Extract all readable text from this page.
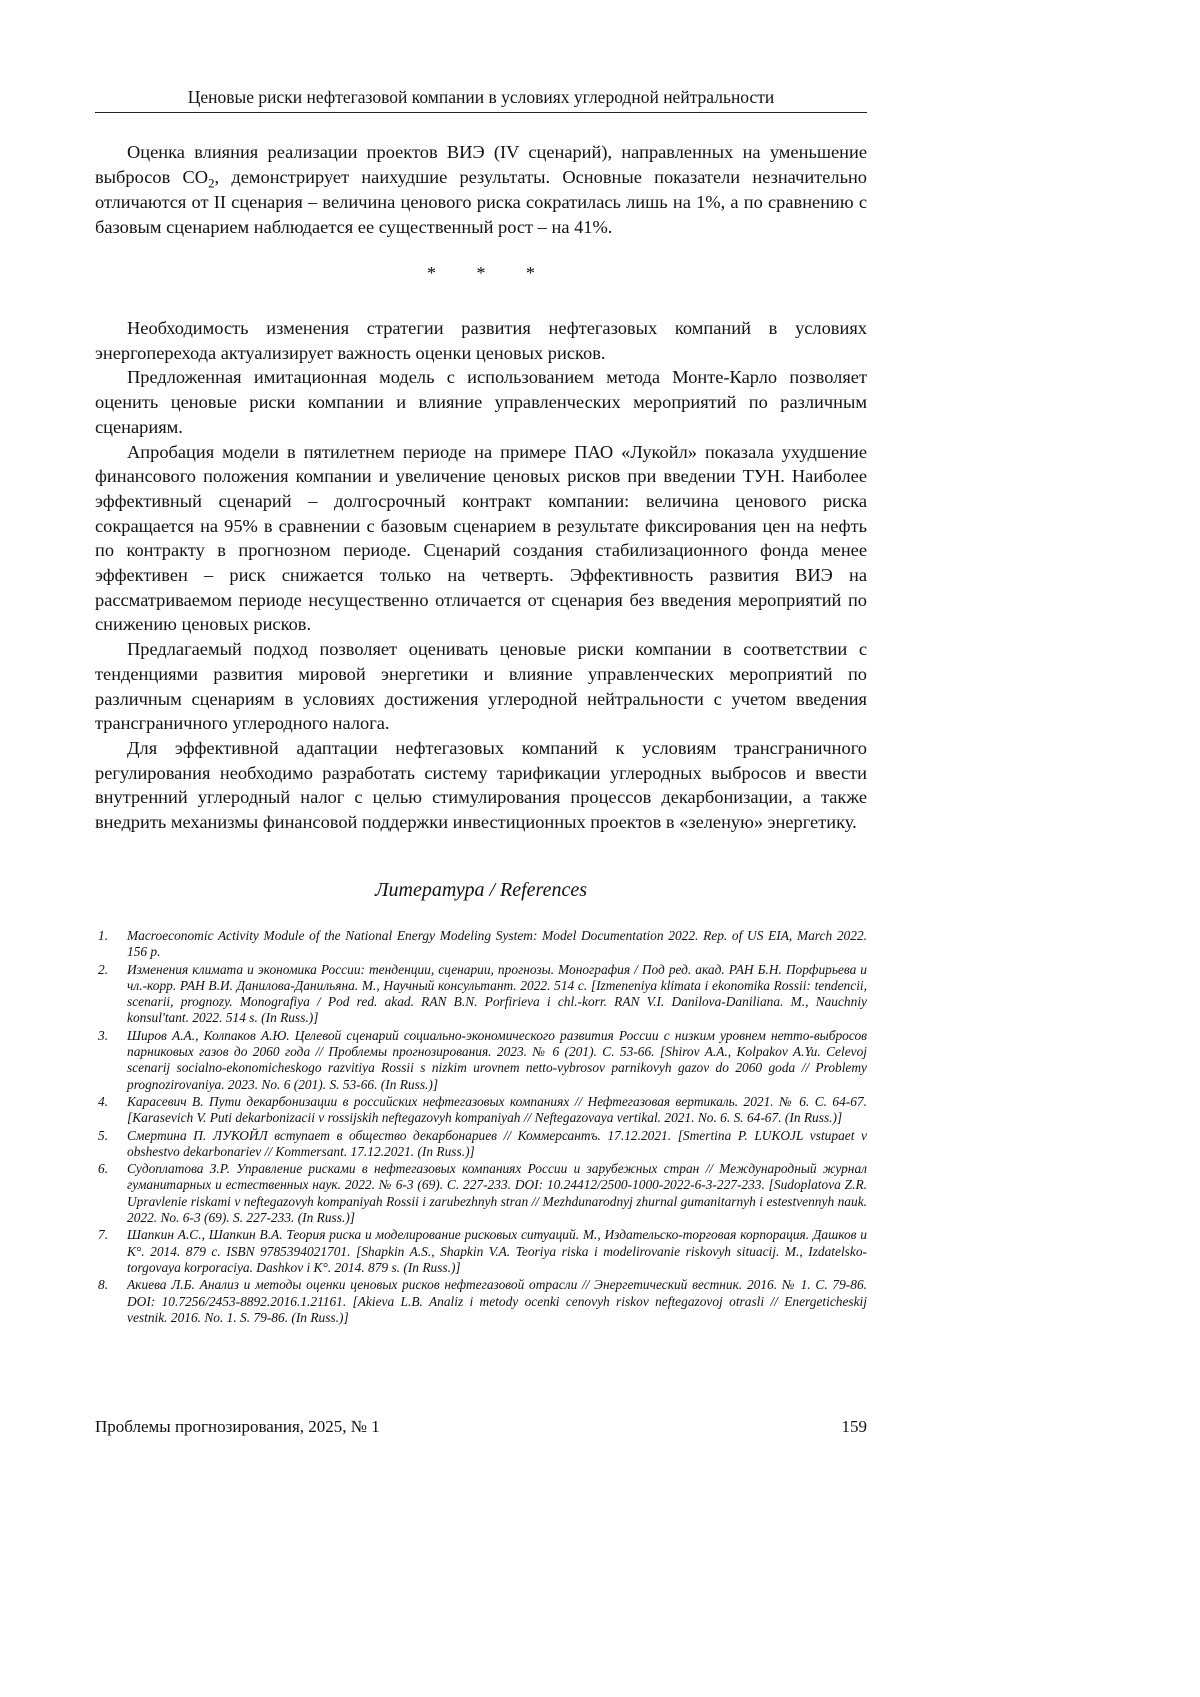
Ценовые риски нефтегазовой компании в условиях углеродной нейтральности

Оценка влияния реализации проектов ВИЭ (IV сценарий), направленных на уменьшение выбросов $CO_2$, демонстрирует наихудшие результаты. Основные показатели незначительно отличаются от II сценария – величина ценового риска сократилась лишь на 1%, а по сравнению с базовым сценарием наблюдается ее существенный рост – на 41%.

* * *

Необходимость изменения стратегии развития нефтегазовых компаний в условиях энергоперехода актуализирует важность оценки ценовых рисков.

Предложенная имитационная модель с использованием метода Монте-Карло позволяет оценить ценовые риски компании и влияние управленческих мероприятий по различным сценариям.

Апробация модели в пятилетнем периоде на примере ПАО «Лукойл» показала ухудшение финансового положения компании и увеличение ценовых рисков при введении ТУН. Наиболее эффективный сценарий – долгосрочный контракт компании: величина ценового риска сокращается на 95% в сравнении с базовым сценарием в результате фиксирования цен на нефть по контракту в прогнозном периоде. Сценарий создания стабилизационного фонда менее эффективен – риск снижается только на четверть. Эффективность развития ВИЭ на рассматриваемом периоде несущественно отличается от сценария без введения мероприятий по снижению ценовых рисков.

Предлагаемый подход позволяет оценивать ценовые риски компании в соответствии с тенденциями развития мировой энергетики и влияние управленческих мероприятий по различным сценариям в условиях достижения углеродной нейтральности с учетом введения трансграничного углеродного налога.

Для эффективной адаптации нефтегазовых компаний к условиям трансграничного регулирования необходимо разработать систему тарификации углеродных выбросов и ввести внутренний углеродный налог с целью стимулирования процессов декарбонизации, а также внедрить механизмы финансовой поддержки инвестиционных проектов в «зеленую» энергетику.

Литература / References
1. Macroeconomic Activity Module of the National Energy Modeling System: Model Documentation 2022. Rep. of US EIA, March 2022. 156 p.
2. Изменения климата и экономика России: тенденции, сценарии, прогнозы. Монография / Под ред. акад. РАН Б.Н. Порфирьева и чл.-корр. РАН В.И. Данилова-Данильяна. М., Научный консультант. 2022. 514 с. [Izmeneniya klimata i ekonomika Rossii: tendencii, scenarii, prognozy. Monografiya / Pod red. akad. RAN B.N. Porfirieva i chl.-korr. RAN V.I. Danilova-Daniliana. M., Nauchniy konsul'tant. 2022. 514 s. (In Russ.)]
3. Широв А.А., Колпаков А.Ю. Целевой сценарий социально-экономического развития России с низким уровнем нетто-выбросов парниковых газов до 2060 года // Проблемы прогнозирования. 2023. № 6 (201). С. 53-66. [Shirov A.A., Kolpakov A.Yu. Celevoj scenarij socialno-ekonomicheskogo razvitiya Rossii s nizkim urovnem netto-vybrosov parnikovyh gazov do 2060 goda // Problemy prognozirovaniya. 2023. No. 6 (201). S. 53-66. (In Russ.)]
4. Карасевич В. Пути декарбонизации в российских нефтегазовых компаниях // Нефтегазовая вертикаль. 2021. № 6. С. 64-67. [Karasevich V. Puti dekarbonizacii v rossijskih neftegazovyh kompaniyah // Neftegazovaya vertikal. 2021. No. 6. S. 64-67. (In Russ.)]
5. Смертина П. ЛУКОЙЛ вступает в общество декарбонариев // Коммерсантъ. 17.12.2021. [Smertina P. LUKOJL vstupaet v obshestvo dekarbonariev // Kommersant. 17.12.2021. (In Russ.)]
6. Судоплатова З.Р. Управление рисками в нефтегазовых компаниях России и зарубежных стран // Международный журнал гуманитарных и естественных наук. 2022. № 6-3 (69). С. 227-233. DOI: 10.24412/2500-1000-2022-6-3-227-233. [Sudoplatova Z.R. Upravlenie riskami v neftegazovyh kompaniyah Rossii i zarubezhnyh stran // Mezhdunarodnyj zhurnal gumanitarnyh i estestvennyh nauk. 2022. No. 6-3 (69). S. 227-233. (In Russ.)]
7. Шапкин А.С., Шапкин В.А. Теория риска и моделирование рисковых ситуаций. М., Издательско-торговая корпорация. Дашков и К°. 2014. 879 с. ISBN 9785394021701. [Shapkin A.S., Shapkin V.A. Teoriya riska i modelirovanie riskovyh situacij. M., Izdatelsko-torgovaya korporaciya. Dashkov i K°. 2014. 879 s. (In Russ.)]
8. Акиева Л.Б. Анализ и методы оценки ценовых рисков нефтегазовой отрасли // Энергетический вестник. 2016. № 1. С. 79-86. DOI: 10.7256/2453-8892.2016.1.21161. [Akieva L.B. Analiz i metody ocenki cenovyh riskov neftegazovoj otrasli // Energeticheskij vestnik. 2016. No. 1. S. 79-86. (In Russ.)]
Проблемы прогнозирования, 2025, № 1	159
